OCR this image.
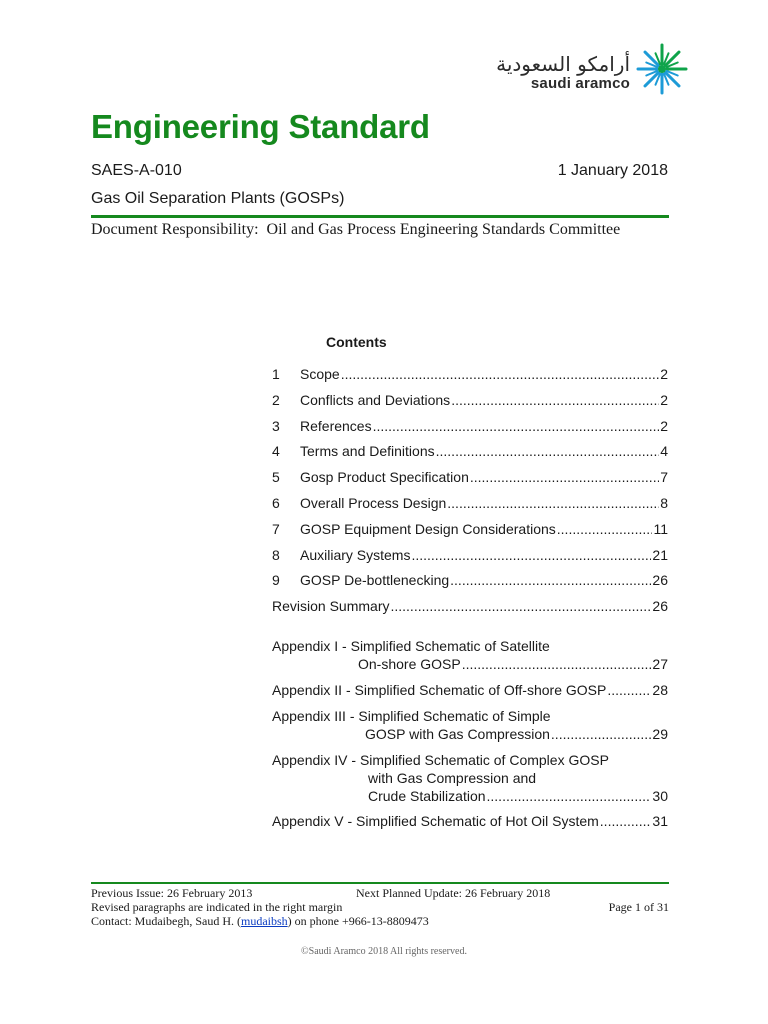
أرامكو السعودية
saudi aramco
Engineering Standard
SAES-A-010	1 January 2018
Gas Oil Separation Plants (GOSPs)
Document Responsibility: Oil and Gas Process Engineering Standards Committee
Contents
1	Scope .....	2
2	Conflicts and Deviations .....	2
3	References .....	2
4	Terms and Definitions .....	4
5	Gosp Product Specification .....	7
6	Overall Process Design .....	8
7	GOSP Equipment Design Considerations .....	11
8	Auxiliary Systems .....	21
9	GOSP De-bottlenecking .....	26
Revision Summary .....	26
Appendix I - Simplified Schematic of Satellite
On-shore GOSP .....	27
Appendix II - Simplified Schematic of Off-shore GOSP .....	28
Appendix III - Simplified Schematic of Simple
GOSP with Gas Compression .....	29
Appendix IV - Simplified Schematic of Complex GOSP
with Gas Compression and
Crude Stabilization .....	30
Appendix V - Simplified Schematic of Hot Oil System .....	31
Previous Issue: 26 February 2013	Next Planned Update: 26 February 2018
Revised paragraphs are indicated in the right margin	Page 1 of 31
Contact: Mudaibegh, Saud H. (mudaibsh) on phone +966-13-8809473
©Saudi Aramco 2018 All rights reserved.
